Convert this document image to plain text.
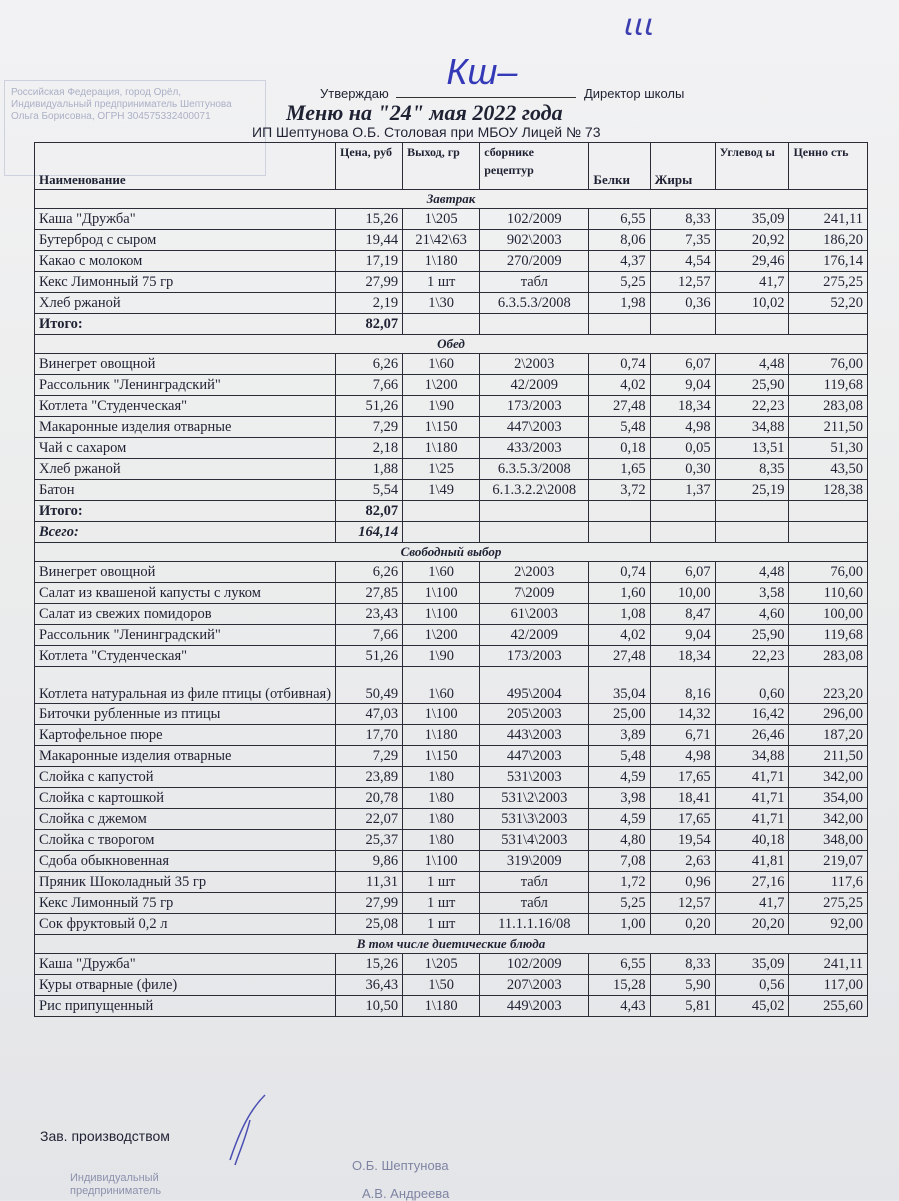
Российская Федерация, город Орёл, Индивидуальный предприниматель Шептунова Ольга Борисовна, ОГРН 304575332400071
ꙇꙇꙇ
Утверждаю
Кш–
Директор школы
Меню на "24" мая 2022 года
ИП Шептунова О.Б. Столовая при МБОУ Лицей № 73
Наименование	Цена, руб	Выход, гр	сборнике рецептур	Белки	Жиры	Углевод ы	Ценно сть
Завтрак							
Каша "Дружба"	15,26	1\205	102/2009	6,55	8,33	35,09	241,11
Бутерброд с сыром	19,44	21\42\63	902\2003	8,06	7,35	20,92	186,20
Какао с молоком	17,19	1\180	270/2009	4,37	4,54	29,46	176,14
Кекс Лимонный 75 гр	27,99	1 шт	табл	5,25	12,57	41,7	275,25
Хлеб ржаной	2,19	1\30	6.3.5.3/2008	1,98	0,36	10,02	52,20
Итого:	82,07						
Обед							
Винегрет овощной	6,26	1\60	2\2003	0,74	6,07	4,48	76,00
Рассольник "Ленинградский"	7,66	1\200	42/2009	4,02	9,04	25,90	119,68
Котлета "Студенческая"	51,26	1\90	173/2003	27,48	18,34	22,23	283,08
Макаронные изделия отварные	7,29	1\150	447\2003	5,48	4,98	34,88	211,50
Чай с сахаром	2,18	1\180	433/2003	0,18	0,05	13,51	51,30
Хлеб ржаной	1,88	1\25	6.3.5.3/2008	1,65	0,30	8,35	43,50
Батон	5,54	1\49	6.1.3.2.2\2008	3,72	1,37	25,19	128,38
Итого:	82,07						
Всего:	164,14						
Свободный выбор							
Винегрет овощной	6,26	1\60	2\2003	0,74	6,07	4,48	76,00
Салат из квашеной капусты с луком	27,85	1\100	7\2009	1,60	10,00	3,58	110,60
Салат из свежих помидоров	23,43	1\100	61\2003	1,08	8,47	4,60	100,00
Рассольник "Ленинградский"	7,66	1\200	42/2009	4,02	9,04	25,90	119,68
Котлета "Студенческая"	51,26	1\90	173/2003	27,48	18,34	22,23	283,08
Котлета натуральная из филе птицы (отбивная)	50,49	1\60	495\2004	35,04	8,16	0,60	223,20
Биточки рубленные из птицы	47,03	1\100	205\2003	25,00	14,32	16,42	296,00
Картофельное пюре	17,70	1\180	443\2003	3,89	6,71	26,46	187,20
Макаронные изделия отварные	7,29	1\150	447\2003	5,48	4,98	34,88	211,50
Слойка с капустой	23,89	1\80	531\2003	4,59	17,65	41,71	342,00
Слойка с картошкой	20,78	1\80	531\2\2003	3,98	18,41	41,71	354,00
Слойка с джемом	22,07	1\80	531\3\2003	4,59	17,65	41,71	342,00
Слойка с творогом	25,37	1\80	531\4\2003	4,80	19,54	40,18	348,00
Сдоба обыкновенная	9,86	1\100	319\2009	7,08	2,63	41,81	219,07
Пряник Шоколадный 35 гр	11,31	1 шт	табл	1,72	0,96	27,16	117,6
Кекс Лимонный 75 гр	27,99	1 шт	табл	5,25	12,57	41,7	275,25
Сок фруктовый 0,2 л	25,08	1 шт	11.1.1.16/08	1,00	0,20	20,20	92,00
В том числе диетические блюда							
Каша "Дружба"	15,26	1\205	102/2009	6,55	8,33	35,09	241,11
Куры отварные (филе)	36,43	1\50	207\2003	15,28	5,90	0,56	117,00
Рис припущенный	10,50	1\180	449\2003	4,43	5,81	45,02	255,60
Зав. производством
Индивидуальный предприниматель
О.Б. Шептунова
А.В. Андреева
